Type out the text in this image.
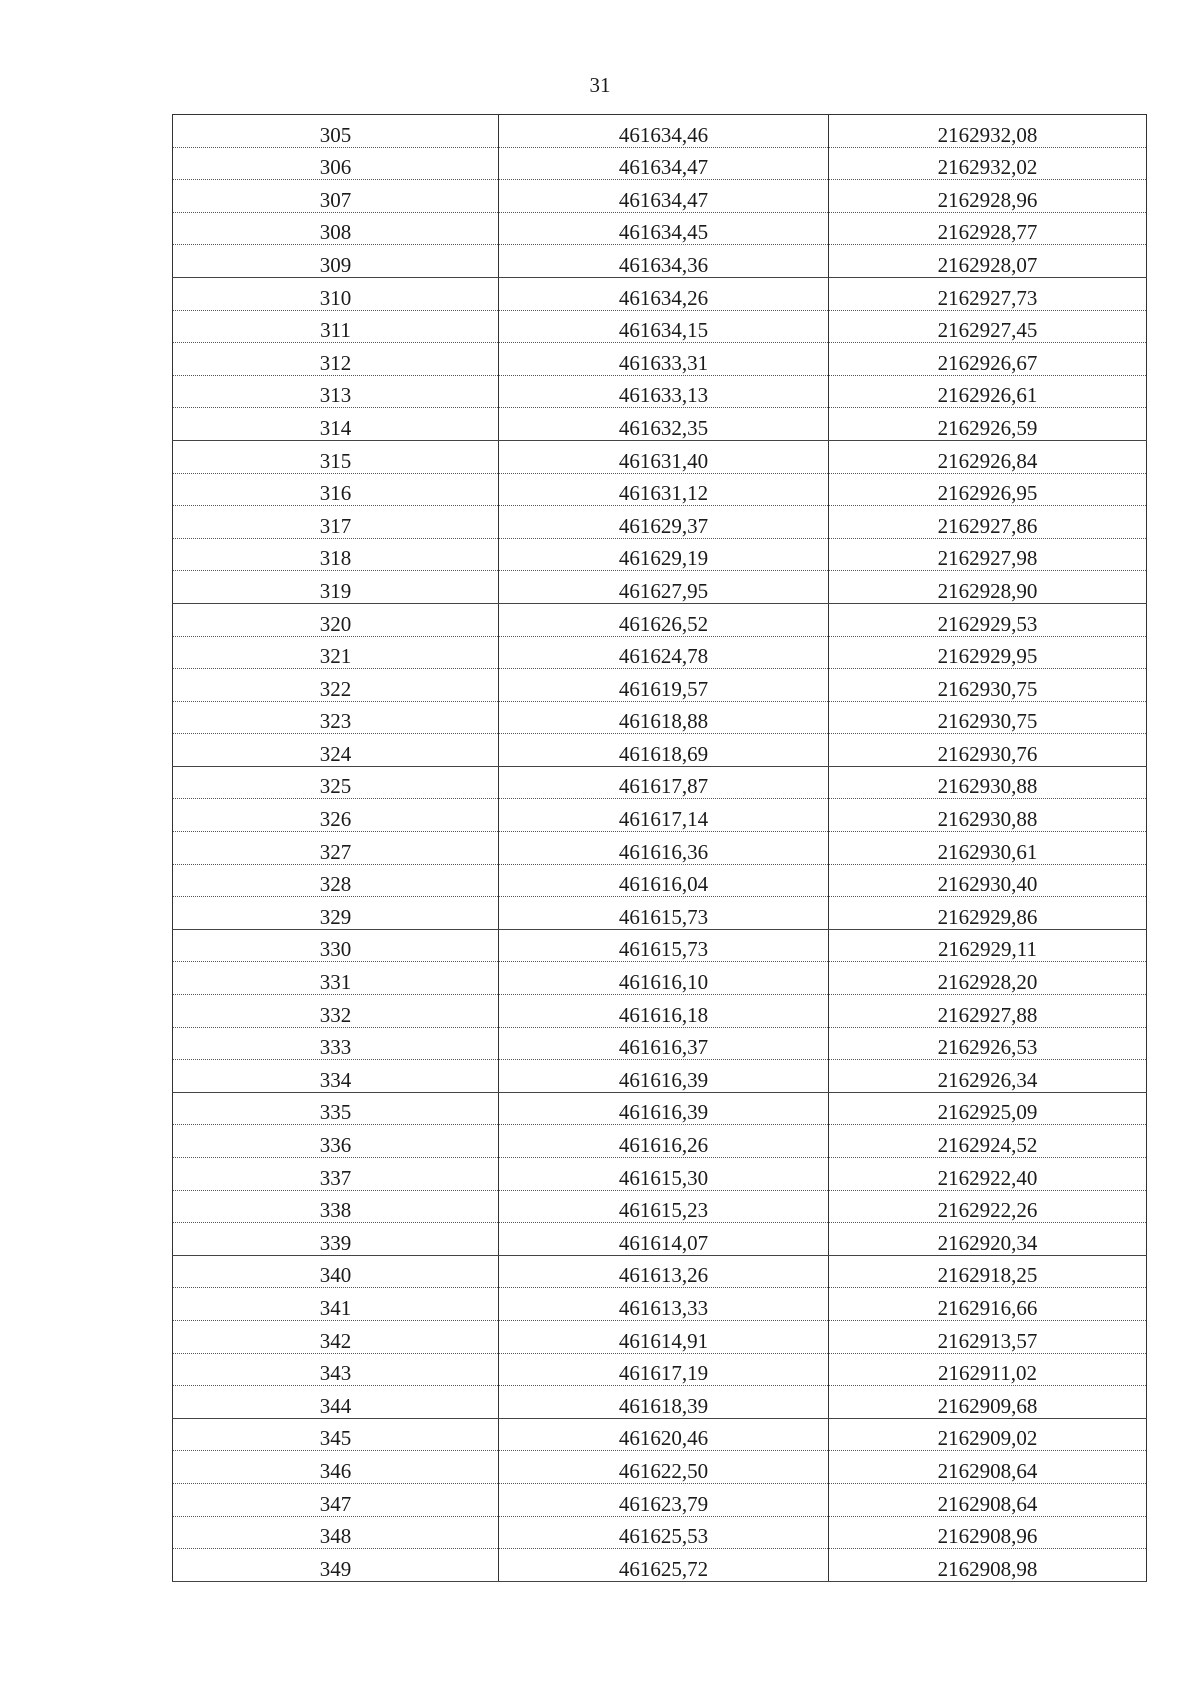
31
305	461634,46	2162932,08
306	461634,47	2162932,02
307	461634,47	2162928,96
308	461634,45	2162928,77
309	461634,36	2162928,07
310	461634,26	2162927,73
311	461634,15	2162927,45
312	461633,31	2162926,67
313	461633,13	2162926,61
314	461632,35	2162926,59
315	461631,40	2162926,84
316	461631,12	2162926,95
317	461629,37	2162927,86
318	461629,19	2162927,98
319	461627,95	2162928,90
320	461626,52	2162929,53
321	461624,78	2162929,95
322	461619,57	2162930,75
323	461618,88	2162930,75
324	461618,69	2162930,76
325	461617,87	2162930,88
326	461617,14	2162930,88
327	461616,36	2162930,61
328	461616,04	2162930,40
329	461615,73	2162929,86
330	461615,73	2162929,11
331	461616,10	2162928,20
332	461616,18	2162927,88
333	461616,37	2162926,53
334	461616,39	2162926,34
335	461616,39	2162925,09
336	461616,26	2162924,52
337	461615,30	2162922,40
338	461615,23	2162922,26
339	461614,07	2162920,34
340	461613,26	2162918,25
341	461613,33	2162916,66
342	461614,91	2162913,57
343	461617,19	2162911,02
344	461618,39	2162909,68
345	461620,46	2162909,02
346	461622,50	2162908,64
347	461623,79	2162908,64
348	461625,53	2162908,96
349	461625,72	2162908,98
